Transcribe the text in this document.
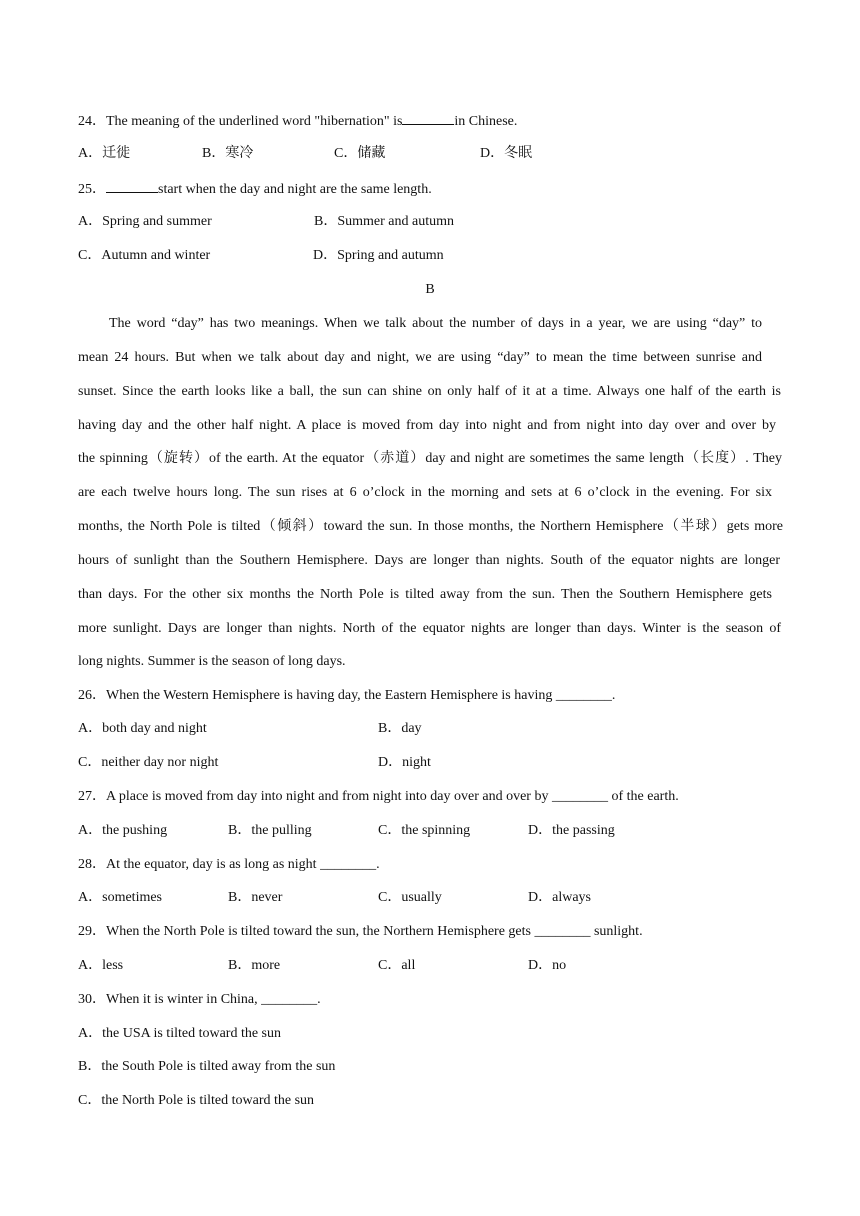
24．The meaning of the underlined word "hibernation" is	in Chinese.
A．迁徙	B．寒冷	C．储藏	D．冬眠
25．	start when the day and night are the same length.
A．Spring and summer	B．Summer and autumn
C．Autumn and winter	D．Spring and autumn
B
The word “day” has two meanings. When we talk about the number of days in a year, we are using “day” to
mean 24 hours. But when we talk about day and night, we are using “day” to mean the time between sunrise and
sunset. Since the earth looks like a ball, the sun can shine on only half of it at a time. Always one half of the earth is
having day and the other half night. A place is moved from day into night and from night into day over and over by
the spinning（旋转）of the earth. At the equator（赤道）day and night are sometimes the same length（长度）. They
are each twelve hours long. The sun rises at 6 o’clock in the morning and sets at 6 o’clock in the evening. For six
months, the North Pole is tilted（倾斜）toward the sun. In those months, the Northern Hemisphere（半球）gets more
hours of sunlight than the Southern Hemisphere. Days are longer than nights. South of the equator nights are longer
than days. For the other six months the North Pole is tilted away from the sun. Then the Southern Hemisphere gets
more sunlight. Days are longer than nights. North of the equator nights are longer than days. Winter is the season of
long nights. Summer is the season of long days.
26．When the Western Hemisphere is having day, the Eastern Hemisphere is having ________.
A．both day and night	B．day
C．neither day nor night	D．night
27．A place is moved from day into night and from night into day over and over by ________ of the earth.
A．the pushing	B．the pulling	C．the spinning	D．the passing
28．At the equator, day is as long as night ________.
A．sometimes	B．never	C．usually	D．always
29．When the North Pole is tilted toward the sun, the Northern Hemisphere gets ________ sunlight.
A．less	B．more	C．all	D．no
30．When it is winter in China, ________.
A．the USA is tilted toward the sun
B．the South Pole is tilted away from the sun
C．the North Pole is tilted toward the sun
